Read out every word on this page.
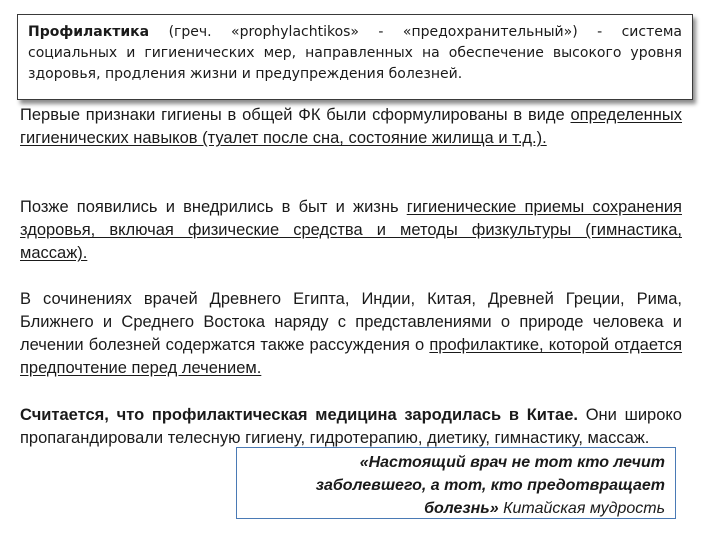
Профилактика (греч. «prophylachtikos» - «предохранительный») - система социальных и гигиенических мер, направленных на обеспечение высокого уровня здоровья, продления жизни и предупреждения болезней.
Первые признаки гигиены в общей ФК были сформулированы в виде определенных гигиенических навыков (туалет после сна, состояние жилища и т.д.).
Позже появились и внедрились в быт и жизнь гигиенические приемы сохранения здоровья, включая физические средства и методы физкультуры (гимнастика, массаж).
В сочинениях врачей Древнего Египта, Индии, Китая, Древней Греции, Рима, Ближнего и Среднего Востока наряду с представлениями о природе человека и лечении болезней содержатся также рассуждения о профилактике, которой отдается предпочтение перед лечением.
Считается, что профилактическая медицина зародилась в Китае. Они широко пропагандировали телесную гигиену, гидротерапию, диетику, гимнастику, массаж.
«Настоящий врач не тот кто лечит заболевшего, а тот, кто предотвращает болезнь» Китайская мудрость
